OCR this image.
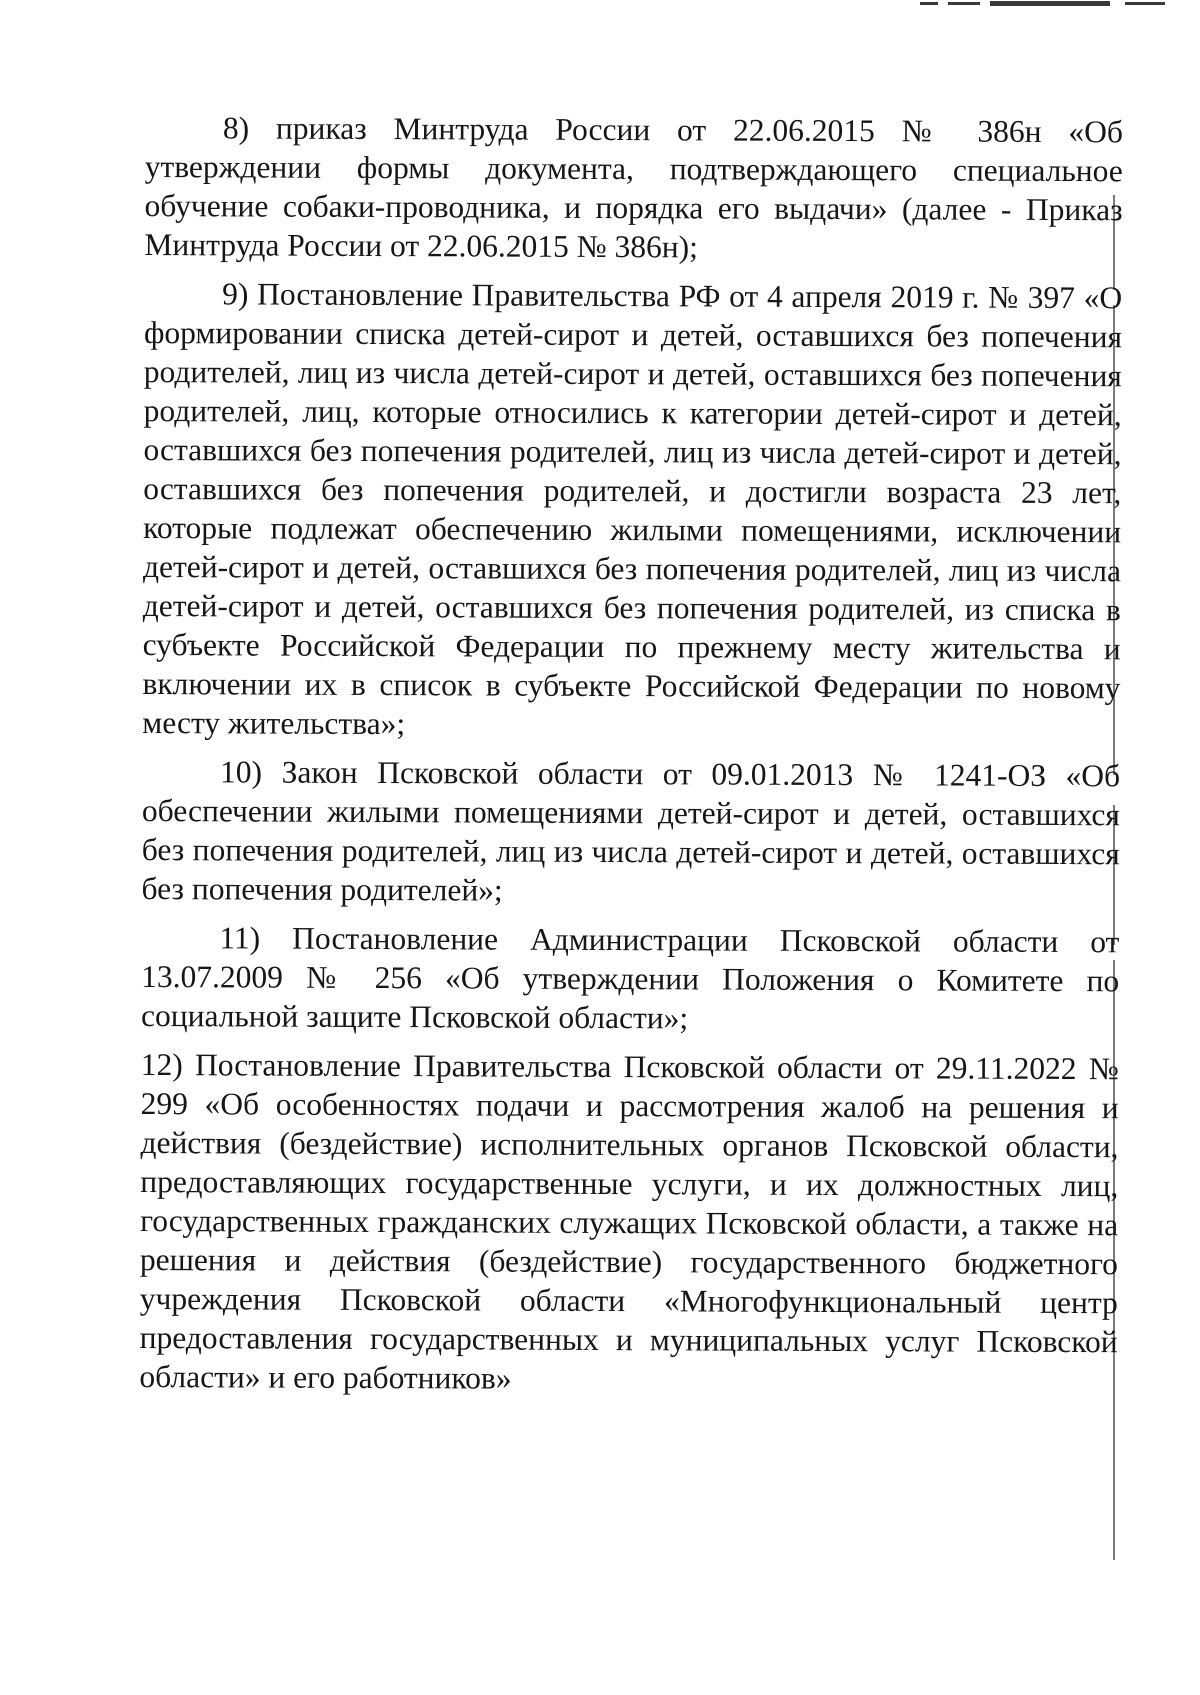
8) приказ Минтруда России от 22.06.2015 № 386н «Об утверждении формы документа, подтверждающего специальное обучение собаки-проводника, и порядка его выдачи» (далее - Приказ Минтруда России от 22.06.2015 № 386н);

9) Постановление Правительства РФ от 4 апреля 2019 г. № 397 «О формировании списка детей-сирот и детей, оставшихся без попечения родителей, лиц из числа детей-сирот и детей, оставшихся без попечения родителей, лиц, которые относились к категории детей-сирот и детей, оставшихся без попечения родителей, лиц из числа детей-сирот и детей, оставшихся без попечения родителей, и достигли возраста 23 лет, которые подлежат обеспечению жилыми помещениями, исключении детей-сирот и детей, оставшихся без попечения родителей, лиц из числа детей-сирот и детей, оставшихся без попечения родителей, из списка в субъекте Российской Федерации по прежнему месту жительства и включении их в список в субъекте Российской Федерации по новому месту жительства»;

10) Закон Псковской области от 09.01.2013 № 1241-ОЗ «Об обеспечении жилыми помещениями детей-сирот и детей, оставшихся без попечения родителей, лиц из числа детей-сирот и детей, оставшихся без попечения родителей»;

11) Постановление Администрации Псковской области от 13.07.2009 № 256 «Об утверждении Положения о Комитете по социальной защите Псковской области»;

12) Постановление Правительства Псковской области от 29.11.2022 № 299 «Об особенностях подачи и рассмотрения жалоб на решения и действия (бездействие) исполнительных органов Псковской области, предоставляющих государственные услуги, и их должностных лиц, государственных гражданских служащих Псковской области, а также на решения и действия (бездействие) государственного бюджетного учреждения Псковской области «Многофункциональный центр предоставления государственных и муниципальных услуг Псковской области» и его работников»
